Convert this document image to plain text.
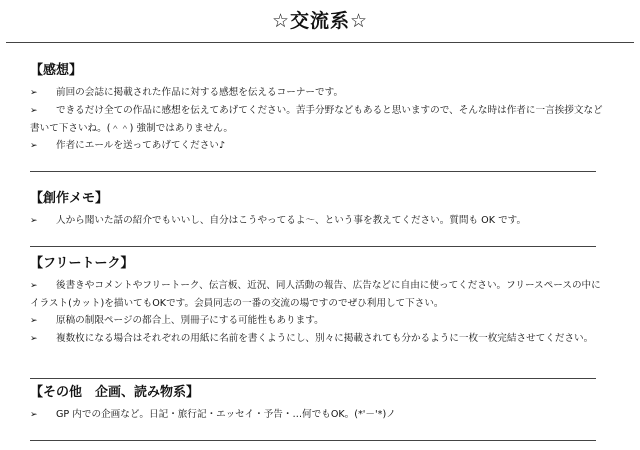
☆交流系☆
【感想】
➢ 前回の会誌に掲載された作品に対する感想を伝えるコーナーです。
➢ できるだけ全ての作品に感想を伝えてあげてください。苦手分野などもあると思いますので、そんな時は作者に一言挨拶文など書いて下さいね。(＾＾) 強制ではありません。
➢ 作者にエールを送ってあげてください♪
【創作メモ】
➢ 人から聞いた話の紹介でもいいし、自分はこうやってるよ～、という事を教えてください。質問も OK です。
【フリートーク】
➢ 後書きやコメントやフリートーク、伝言板、近況、同人活動の報告、広告などに自由に使ってください。フリースペースの中にイラスト(カット)を描いてもOKです。会員同志の一番の交流の場ですのでぜひ利用して下さい。
➢ 原稿の制限ページの都合上、別冊子にする可能性もあります。
➢ 複数枚になる場合はそれぞれの用紙に名前を書くようにし、別々に掲載されても分かるように一枚一枚完結させてください。
【その他　企画、読み物系】
➢ GP 内での企画など。日記・旅行記・エッセイ・予告・…何でもOK。(*'－'*)ノ
